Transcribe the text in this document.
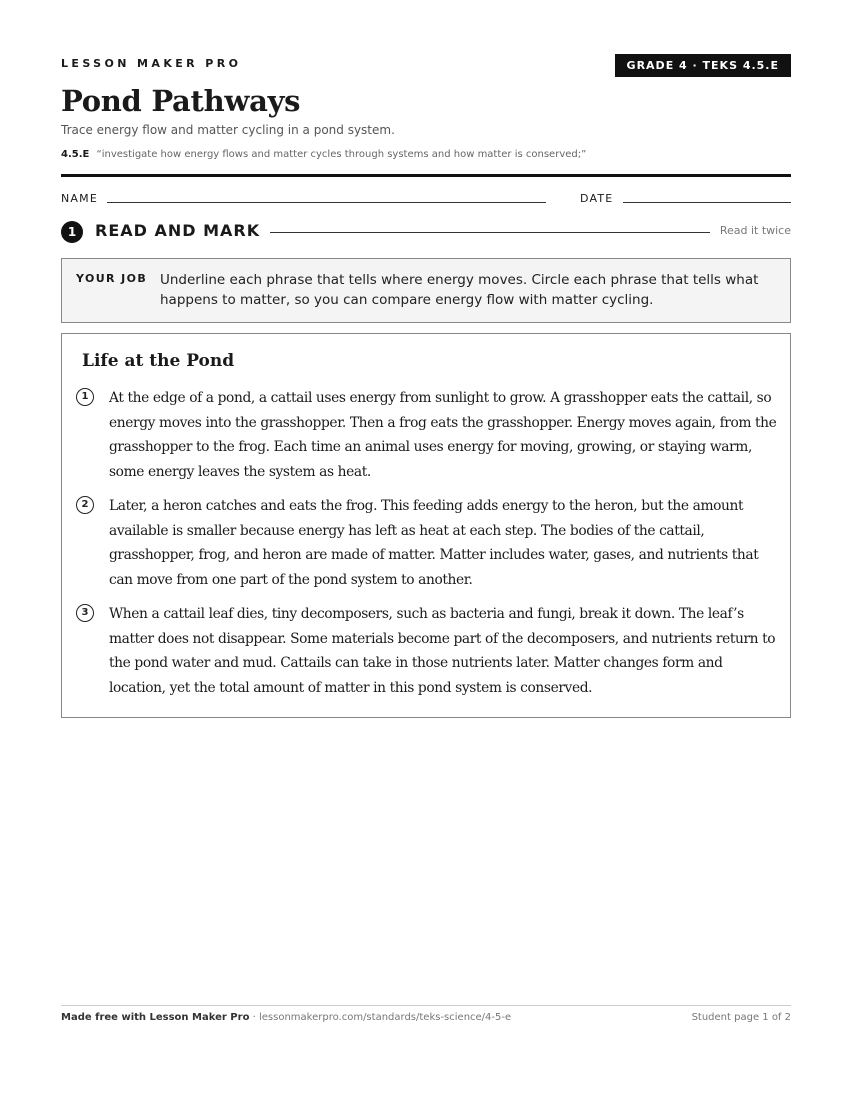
LESSON MAKER PRO	GRADE 4 · TEKS 4.5.E
Pond Pathways
Trace energy flow and matter cycling in a pond system.
4.5.E “investigate how energy flows and matter cycles through systems and how matter is conserved;”
NAME	DATE
1	READ AND MARK	Read it twice
YOUR JOB Underline each phrase that tells where energy moves. Circle each phrase that tells what happens to matter, so you can compare energy flow with matter cycling.
Life at the Pond
1	At the edge of a pond, a cattail uses energy from sunlight to grow. A grasshopper eats the cattail, so energy moves into the grasshopper. Then a frog eats the grasshopper. Energy moves again, from the grasshopper to the frog. Each time an animal uses energy for moving, growing, or staying warm, some energy leaves the system as heat.
2	Later, a heron catches and eats the frog. This feeding adds energy to the heron, but the amount available is smaller because energy has left as heat at each step. The bodies of the cattail, grasshopper, frog, and heron are made of matter. Matter includes water, gases, and nutrients that can move from one part of the pond system to another.
3	When a cattail leaf dies, tiny decomposers, such as bacteria and fungi, break it down. The leaf’s matter does not disappear. Some materials become part of the decomposers, and nutrients return to the pond water and mud. Cattails can take in those nutrients later. Matter changes form and location, yet the total amount of matter in this pond system is conserved.
Made free with Lesson Maker Pro · lessonmakerpro.com/standards/teks-science/4-5-e	Student page 1 of 2
